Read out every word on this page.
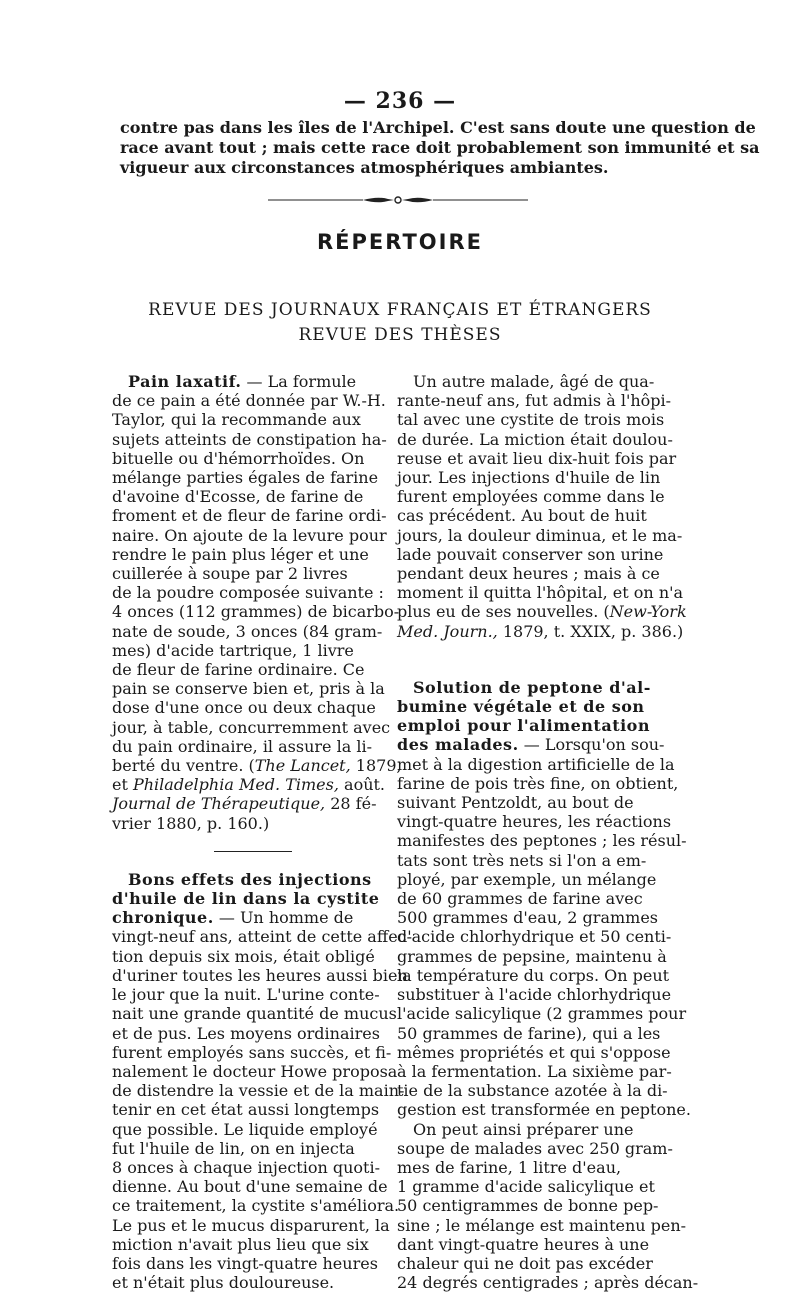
— 236 —
contre pas dans les îles de l'Archipel. C'est sans doute une question de
race avant tout ; mais cette race doit probablement son immunité et sa
vigueur aux circonstances atmosphériques ambiantes.
RÉPERTOIRE
REVUE DES JOURNAUX FRANÇAIS ET ÉTRANGERS
REVUE DES THÈSES
Pain laxatif. — La formule
de ce pain a été donnée par W.-H.
Taylor, qui la recommande aux
sujets atteints de constipation ha-
bituelle ou d'hémorrhoïdes. On
mélange parties égales de farine
d'avoine d'Ecosse, de farine de
froment et de fleur de farine ordi-
naire. On ajoute de la levure pour
rendre le pain plus léger et une
cuillerée à soupe par 2 livres
de la poudre composée suivante :
4 onces (112 grammes) de bicarbo-
nate de soude, 3 onces (84 gram-
mes) d'acide tartrique, 1 livre
de fleur de farine ordinaire. Ce
pain se conserve bien et, pris à la
dose d'une once ou deux chaque
jour, à table, concurremment avec
du pain ordinaire, il assure la li-
berté du ventre. (The Lancet, 1879,
et Philadelphia Med. Times, août.
Journal de Thérapeutique, 28 fé-
vrier 1880, p. 160.)
Bons effets des injections
d'huile de lin dans la cystite
chronique. — Un homme de
vingt-neuf ans, atteint de cette affec-
tion depuis six mois, était obligé
d'uriner toutes les heures aussi bien
le jour que la nuit. L'urine conte-
nait une grande quantité de mucus
et de pus. Les moyens ordinaires
furent employés sans succès, et fi-
nalement le docteur Howe proposa
de distendre la vessie et de la main-
tenir en cet état aussi longtemps
que possible. Le liquide employé
fut l'huile de lin, on en injecta
8 onces à chaque injection quoti-
dienne. Au bout d'une semaine de
ce traitement, la cystite s'améliora.
Le pus et le mucus disparurent, la
miction n'avait plus lieu que six
fois dans les vingt-quatre heures
et n'était plus douloureuse.
Un autre malade, âgé de qua-
rante-neuf ans, fut admis à l'hôpi-
tal avec une cystite de trois mois
de durée. La miction était doulou-
reuse et avait lieu dix-huit fois par
jour. Les injections d'huile de lin
furent employées comme dans le
cas précédent. Au bout de huit
jours, la douleur diminua, et le ma-
lade pouvait conserver son urine
pendant deux heures ; mais à ce
moment il quitta l'hôpital, et on n'a
plus eu de ses nouvelles. (New-York
Med. Journ., 1879, t. XXIX, p. 386.)
Solution de peptone d'al-
bumine végétale et de son
emploi pour l'alimentation
des malades. — Lorsqu'on sou-
met à la digestion artificielle de la
farine de pois très fine, on obtient,
suivant Pentzoldt, au bout de
vingt-quatre heures, les réactions
manifestes des peptones ; les résul-
tats sont très nets si l'on a em-
ployé, par exemple, un mélange
de 60 grammes de farine avec
500 grammes d'eau, 2 grammes
d'acide chlorhydrique et 50 centi-
grammes de pepsine, maintenu à
la température du corps. On peut
substituer à l'acide chlorhydrique
l'acide salicylique (2 grammes pour
50 grammes de farine), qui a les
mêmes propriétés et qui s'oppose
à la fermentation. La sixième par-
tie de la substance azotée à la di-
gestion est transformée en peptone.
On peut ainsi préparer une
soupe de malades avec 250 gram-
mes de farine, 1 litre d'eau,
1 gramme d'acide salicylique et
50 centigrammes de bonne pep-
sine ; le mélange est maintenu pen-
dant vingt-quatre heures à une
chaleur qui ne doit pas excéder
24 degrés centigrades ; après décan-
